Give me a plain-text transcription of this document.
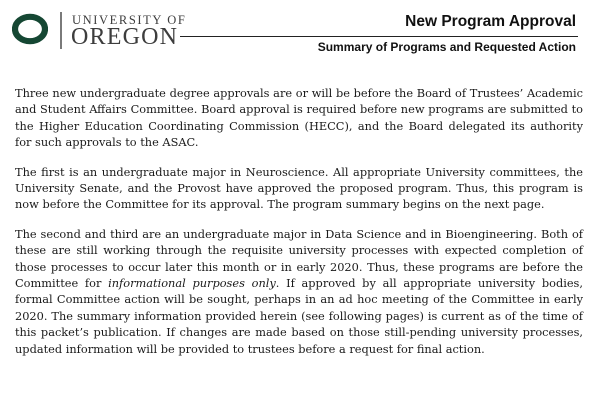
UNIVERSITY OF
OREGON
New Program Approval
Summary of Programs and Requested Action

Three new undergraduate degree approvals are or will be before the Board of Trustees’ Academic and Student Affairs Committee. Board approval is required before new programs are submitted to the Higher Education Coordinating Commission (HECC), and the Board delegated its authority for such approvals to the ASAC.

The first is an undergraduate major in Neuroscience. All appropriate University committees, the University Senate, and the Provost have approved the proposed program. Thus, this program is now before the Committee for its approval. The program summary begins on the next page.

The second and third are an undergraduate major in Data Science and in Bioengineering. Both of these are still working through the requisite university processes with expected completion of those processes to occur later this month or in early 2020. Thus, these programs are before the Committee for informational purposes only. If approved by all appropriate university bodies, formal Committee action will be sought, perhaps in an ad hoc meeting of the Committee in early 2020. The summary information provided herein (see following pages) is current as of the time of this packet’s publication. If changes are made based on those still-pending university processes, updated information will be provided to trustees before a request for final action.
